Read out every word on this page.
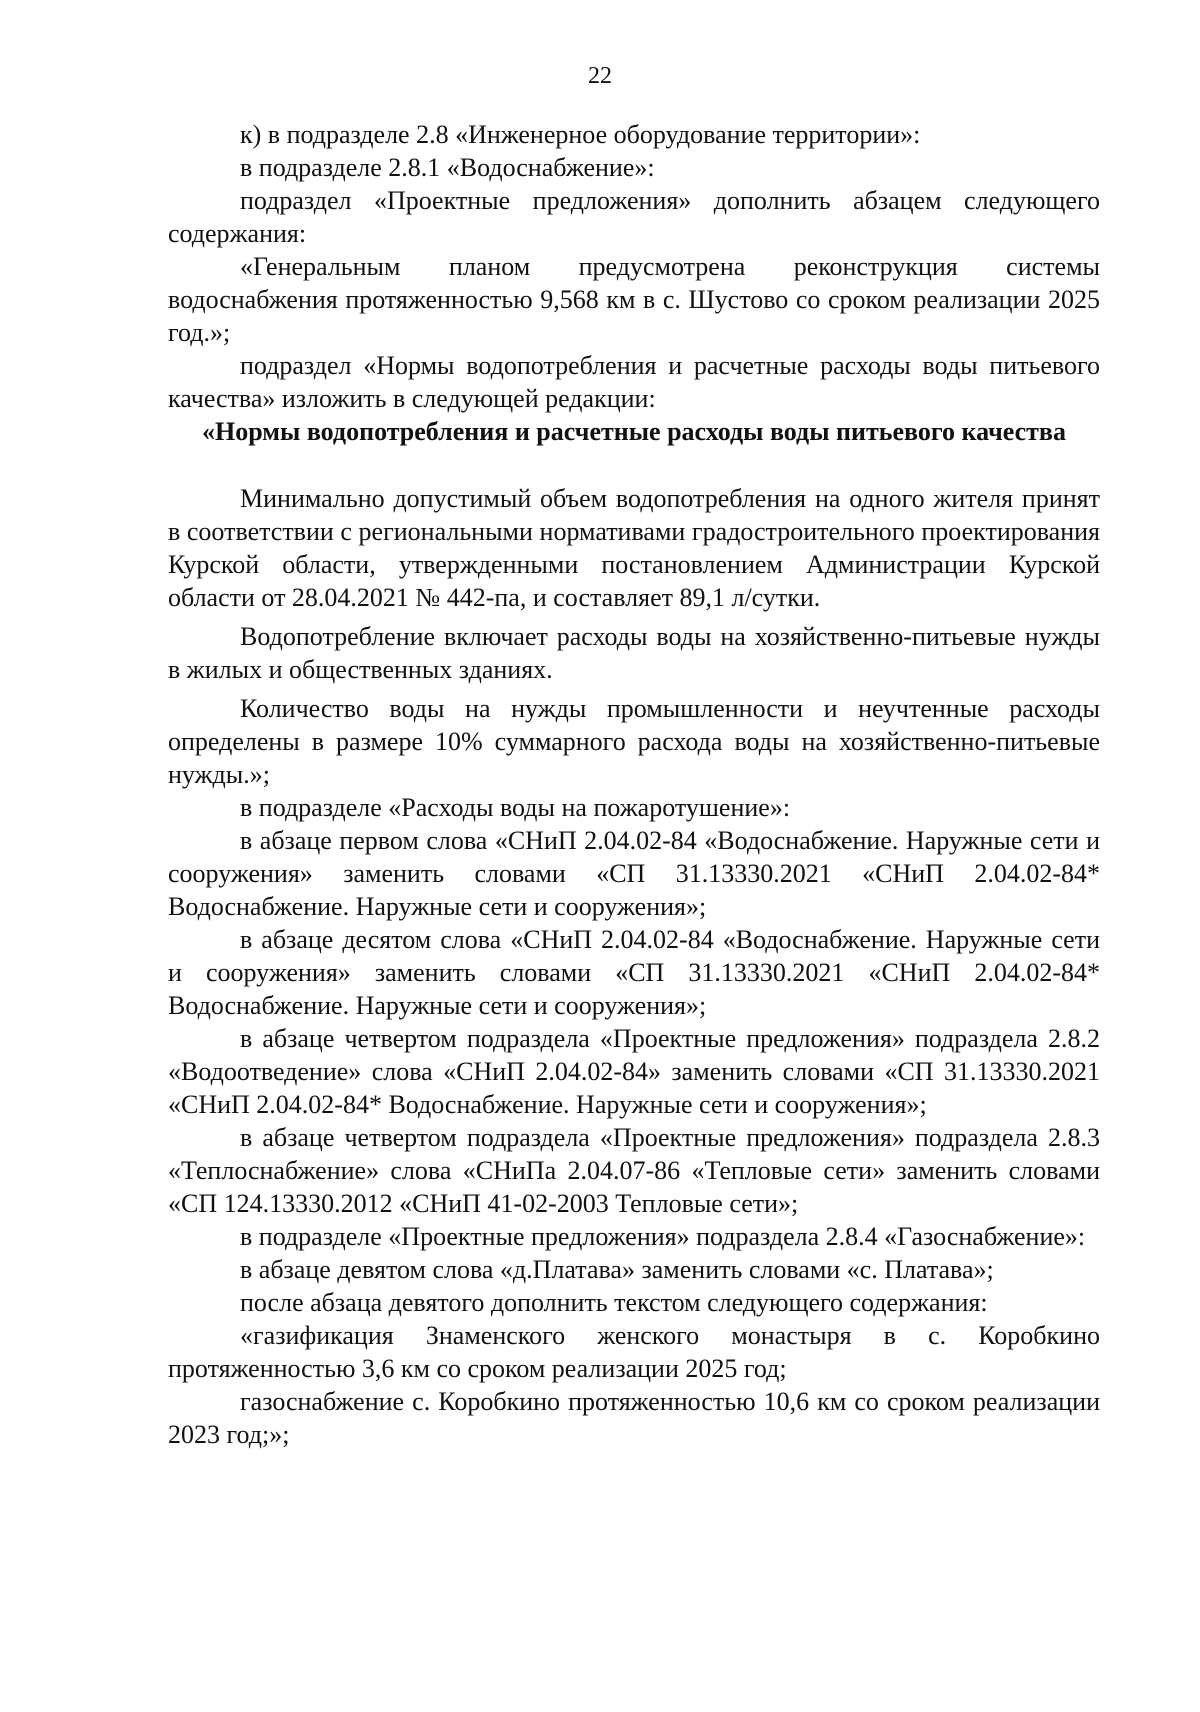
22

к) в подразделе 2.8 «Инженерное оборудование территории»:

в подразделе 2.8.1 «Водоснабжение»:

подраздел «Проектные предложения» дополнить абзацем следующего содержания:

«Генеральным планом предусмотрена реконструкция системы водоснабжения протяженностью 9,568 км в с. Шустово со сроком реализации 2025 год.»;

подраздел «Нормы водопотребления и расчетные расходы воды питьевого качества» изложить в следующей редакции:

«Нормы водопотребления и расчетные расходы воды питьевого качества

Минимально допустимый объем водопотребления на одного жителя принят в соответствии с региональными нормативами градостроительного проектирования Курской области, утвержденными постановлением Администрации Курской области от 28.04.2021 № 442-па, и составляет 89,1 л/сутки.

Водопотребление включает расходы воды на хозяйственно-питьевые нужды в жилых и общественных зданиях.

Количество воды на нужды промышленности и неучтенные расходы определены в размере 10% суммарного расхода воды на хозяйственно-питьевые нужды.»;

в подразделе «Расходы воды на пожаротушение»:

в абзаце первом слова «СНиП 2.04.02-84 «Водоснабжение. Наружные сети и сооружения» заменить словами «СП 31.13330.2021 «СНиП 2.04.02-84* Водоснабжение. Наружные сети и сооружения»;

в абзаце десятом слова «СНиП 2.04.02-84 «Водоснабжение. Наружные сети и сооружения» заменить словами «СП 31.13330.2021 «СНиП 2.04.02-84* Водоснабжение. Наружные сети и сооружения»;

в абзаце четвертом подраздела «Проектные предложения» подраздела 2.8.2 «Водоотведение» слова «СНиП 2.04.02-84» заменить словами «СП 31.13330.2021 «СНиП 2.04.02-84* Водоснабжение. Наружные сети и сооружения»;

в абзаце четвертом подраздела «Проектные предложения» подраздела 2.8.3 «Теплоснабжение» слова «СНиПа 2.04.07-86 «Тепловые сети» заменить словами «СП 124.13330.2012 «СНиП 41-02-2003 Тепловые сети»;

в подразделе «Проектные предложения» подраздела 2.8.4 «Газоснабжение»:

в абзаце девятом слова «д.Платава» заменить словами «с. Платава»;

после абзаца девятого дополнить текстом следующего содержания:

«газификация Знаменского женского монастыря в с. Коробкино протяженностью 3,6 км со сроком реализации 2025 год;

газоснабжение с. Коробкино протяженностью 10,6 км со сроком реализации 2023 год;»;
